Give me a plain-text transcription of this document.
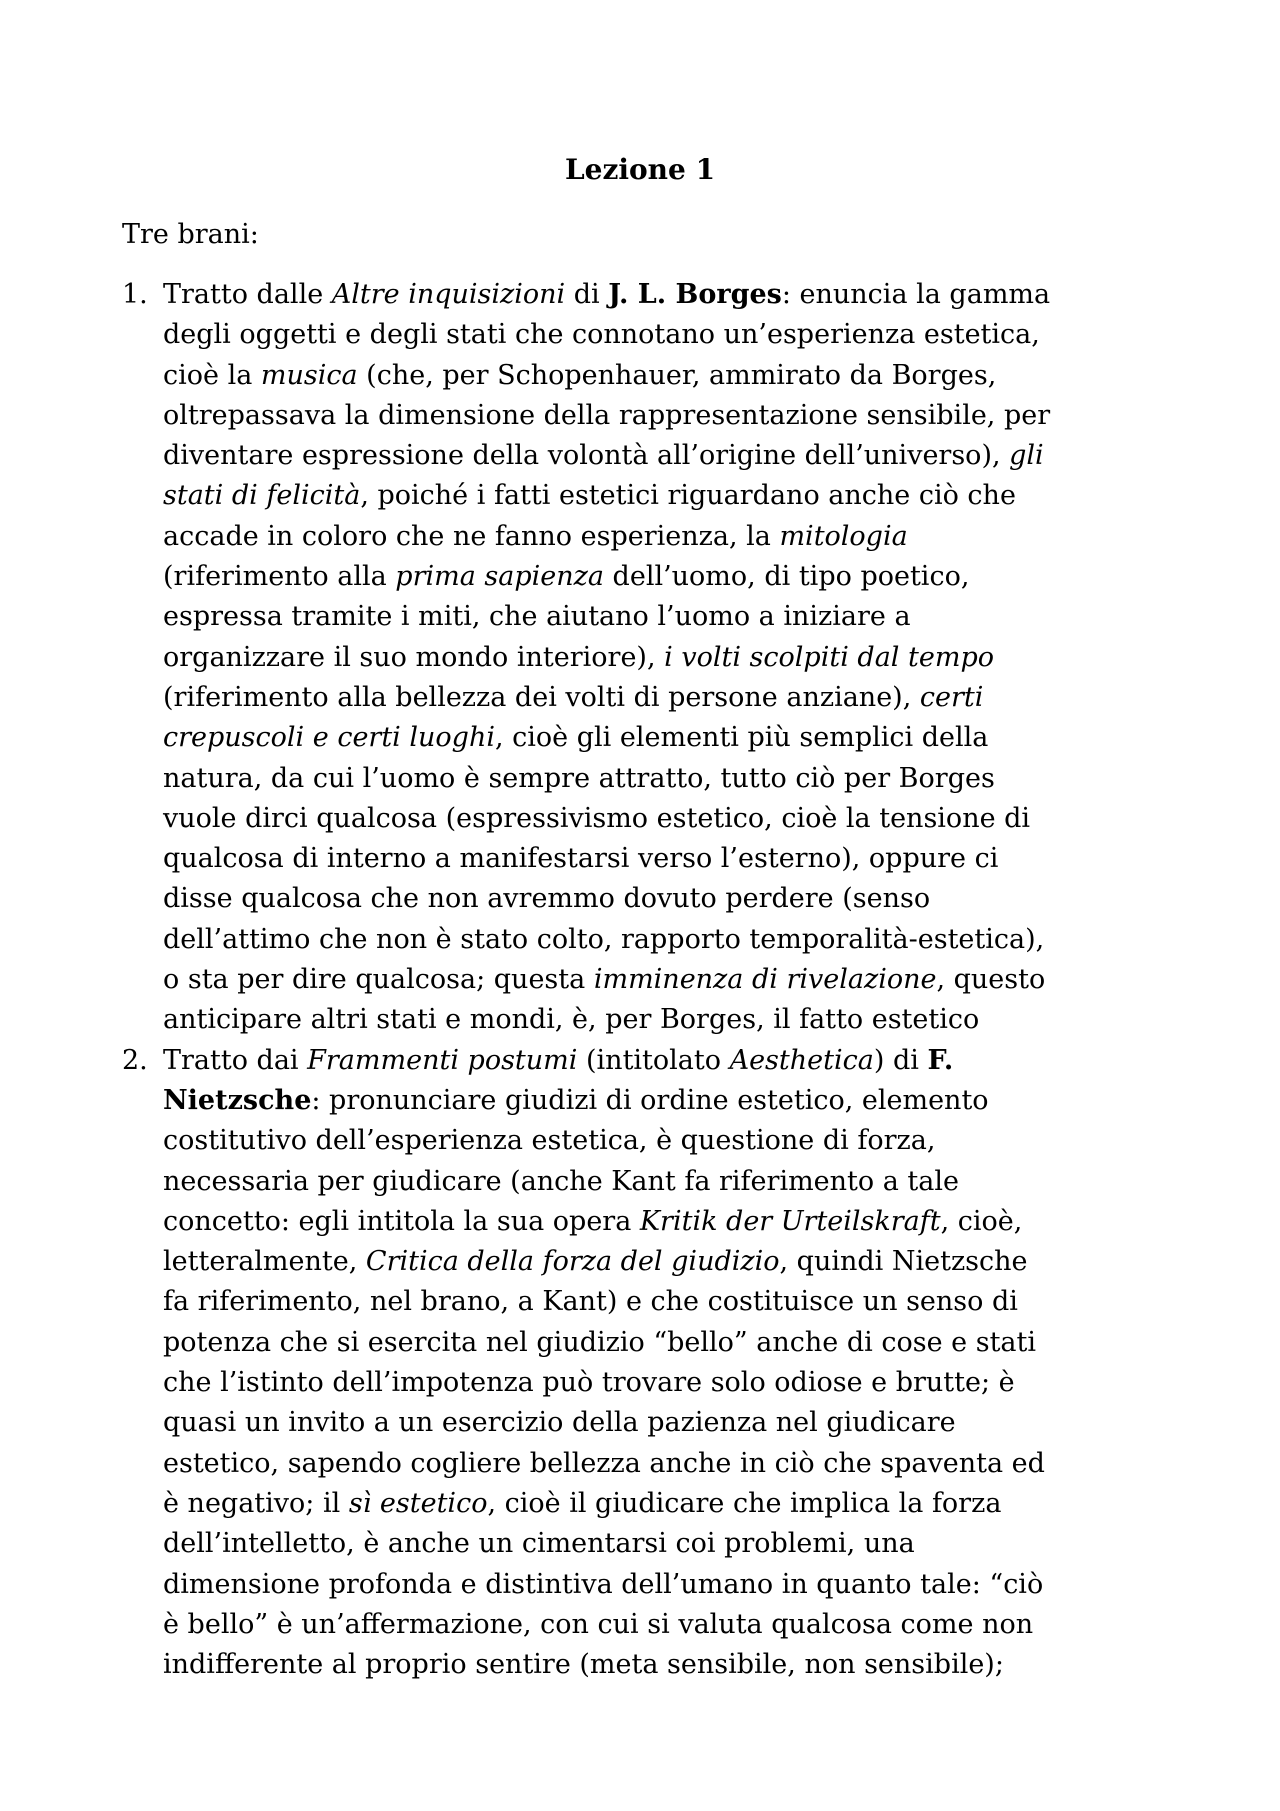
Lezione 1
Tre brani:
1. Tratto dalle Altre inquisizioni di J. L. Borges: enuncia la gamma
degli oggetti e degli stati che connotano un’esperienza estetica,
cioè la musica (che, per Schopenhauer, ammirato da Borges,
oltrepassava la dimensione della rappresentazione sensibile, per
diventare espressione della volontà all’origine dell’universo), gli
stati di felicità, poiché i fatti estetici riguardano anche ciò che
accade in coloro che ne fanno esperienza, la mitologia
(riferimento alla prima sapienza dell’uomo, di tipo poetico,
espressa tramite i miti, che aiutano l’uomo a iniziare a
organizzare il suo mondo interiore), i volti scolpiti dal tempo
(riferimento alla bellezza dei volti di persone anziane), certi
crepuscoli e certi luoghi, cioè gli elementi più semplici della
natura, da cui l’uomo è sempre attratto, tutto ciò per Borges
vuole dirci qualcosa (espressivismo estetico, cioè la tensione di
qualcosa di interno a manifestarsi verso l’esterno), oppure ci
disse qualcosa che non avremmo dovuto perdere (senso
dell’attimo che non è stato colto, rapporto temporalità-estetica),
o sta per dire qualcosa; questa imminenza di rivelazione, questo
anticipare altri stati e mondi, è, per Borges, il fatto estetico
2. Tratto dai Frammenti postumi (intitolato Aesthetica) di F.
Nietzsche: pronunciare giudizi di ordine estetico, elemento
costitutivo dell’esperienza estetica, è questione di forza,
necessaria per giudicare (anche Kant fa riferimento a tale
concetto: egli intitola la sua opera Kritik der Urteilskraft, cioè,
letteralmente, Critica della forza del giudizio, quindi Nietzsche
fa riferimento, nel brano, a Kant) e che costituisce un senso di
potenza che si esercita nel giudizio “bello” anche di cose e stati
che l’istinto dell’impotenza può trovare solo odiose e brutte; è
quasi un invito a un esercizio della pazienza nel giudicare
estetico, sapendo cogliere bellezza anche in ciò che spaventa ed
è negativo; il sì estetico, cioè il giudicare che implica la forza
dell’intelletto, è anche un cimentarsi coi problemi, una
dimensione profonda e distintiva dell’umano in quanto tale: “ciò
è bello” è un’affermazione, con cui si valuta qualcosa come non
indifferente al proprio sentire (meta sensibile, non sensibile);
